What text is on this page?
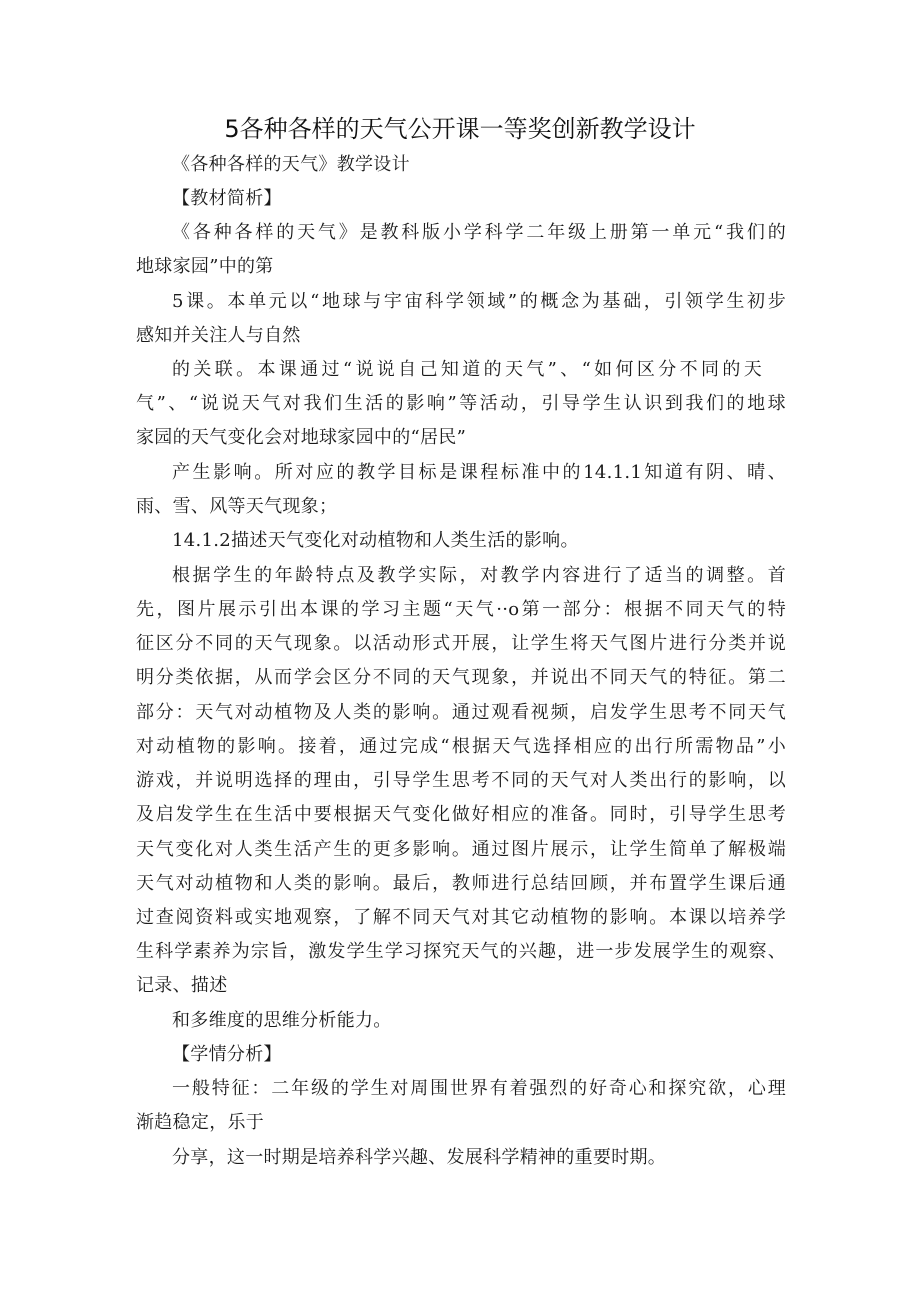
5各种各样的天气公开课一等奖创新教学设计
《各种各样的天气》教学设计
【教材简析】
《各种各样的天气》是教科版小学科学二年级上册第一单元“我们的
地球家园”中的第
5课。本单元以“地球与宇宙科学领域”的概念为基础，引领学生初步
感知并关注人与自然
的关联。本课通过“说说自己知道的天气”、“如何区分不同的天
气”、“说说天气对我们生活的影响”等活动，引导学生认识到我们的地球
家园的天气变化会对地球家园中的“居民”
产生影响。所对应的教学目标是课程标准中的14.1.1知道有阴、晴、
雨、雪、风等天气现象；
14.1.2描述天气变化对动植物和人类生活的影响。
根据学生的年龄特点及教学实际，对教学内容进行了适当的调整。首
先，图片展示引出本课的学习主题“天气··o第一部分：根据不同天气的特
征区分不同的天气现象。以活动形式开展，让学生将天气图片进行分类并说
明分类依据，从而学会区分不同的天气现象，并说出不同天气的特征。第二
部分：天气对动植物及人类的影响。通过观看视频，启发学生思考不同天气
对动植物的影响。接着，通过完成“根据天气选择相应的出行所需物品”小
游戏，并说明选择的理由，引导学生思考不同的天气对人类出行的影响，以
及启发学生在生活中要根据天气变化做好相应的准备。同时，引导学生思考
天气变化对人类生活产生的更多影响。通过图片展示，让学生简单了解极端
天气对动植物和人类的影响。最后，教师进行总结回顾，并布置学生课后通
过查阅资料或实地观察，了解不同天气对其它动植物的影响。本课以培养学
生科学素养为宗旨，激发学生学习探究天气的兴趣，进一步发展学生的观察、
记录、描述
和多维度的思维分析能力。
【学情分析】
一般特征：二年级的学生对周围世界有着强烈的好奇心和探究欲，心理
渐趋稳定，乐于
分享，这一时期是培养科学兴趣、发展科学精神的重要时期。
